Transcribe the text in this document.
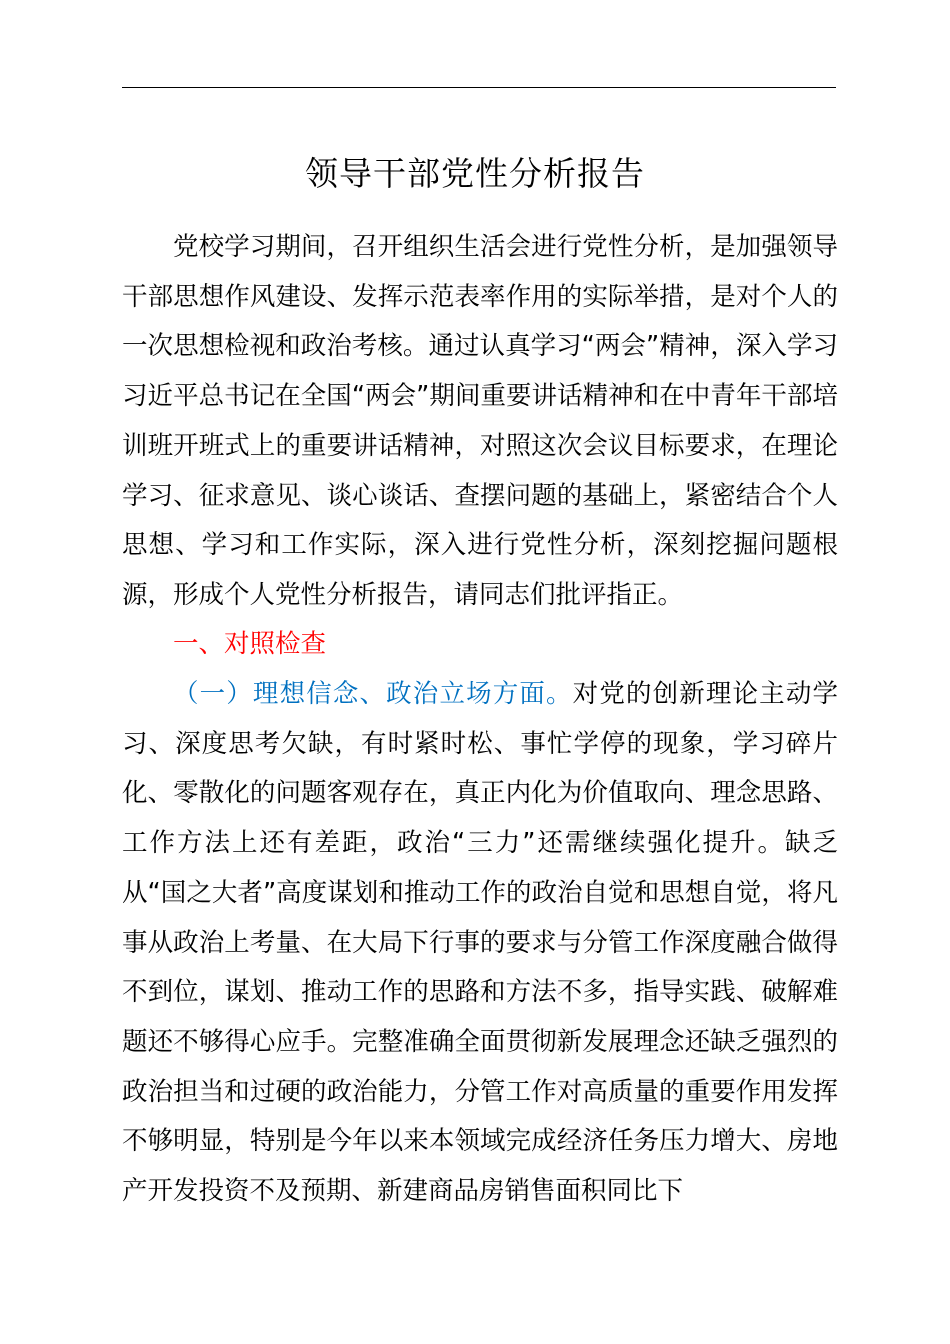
领导干部党性分析报告

党校学习期间，召开组织生活会进行党性分析，是加强领导干部思想作风建设、发挥示范表率作用的实际举措，是对个人的一次思想检视和政治考核。通过认真学习“两会”精神，深入学习习近平总书记在全国“两会”期间重要讲话精神和在中青年干部培训班开班式上的重要讲话精神，对照这次会议目标要求，在理论学习、征求意见、谈心谈话、查摆问题的基础上，紧密结合个人思想、学习和工作实际，深入进行党性分析，深刻挖掘问题根源，形成个人党性分析报告，请同志们批评指正。

一、对照检查

（一）理想信念、政治立场方面。对党的创新理论主动学习、深度思考欠缺，有时紧时松、事忙学停的现象，学习碎片化、零散化的问题客观存在，真正内化为价值取向、理念思路、工作方法上还有差距，政治“三力”还需继续强化提升。缺乏从“国之大者”高度谋划和推动工作的政治自觉和思想自觉，将凡事从政治上考量、在大局下行事的要求与分管工作深度融合做得不到位，谋划、推动工作的思路和方法不多，指导实践、破解难题还不够得心应手。完整准确全面贯彻新发展理念还缺乏强烈的政治担当和过硬的政治能力，分管工作对高质量的重要作用发挥不够明显，特别是今年以来本领域完成经济任务压力增大、房地产开发投资不及预期、新建商品房销售面积同比下
